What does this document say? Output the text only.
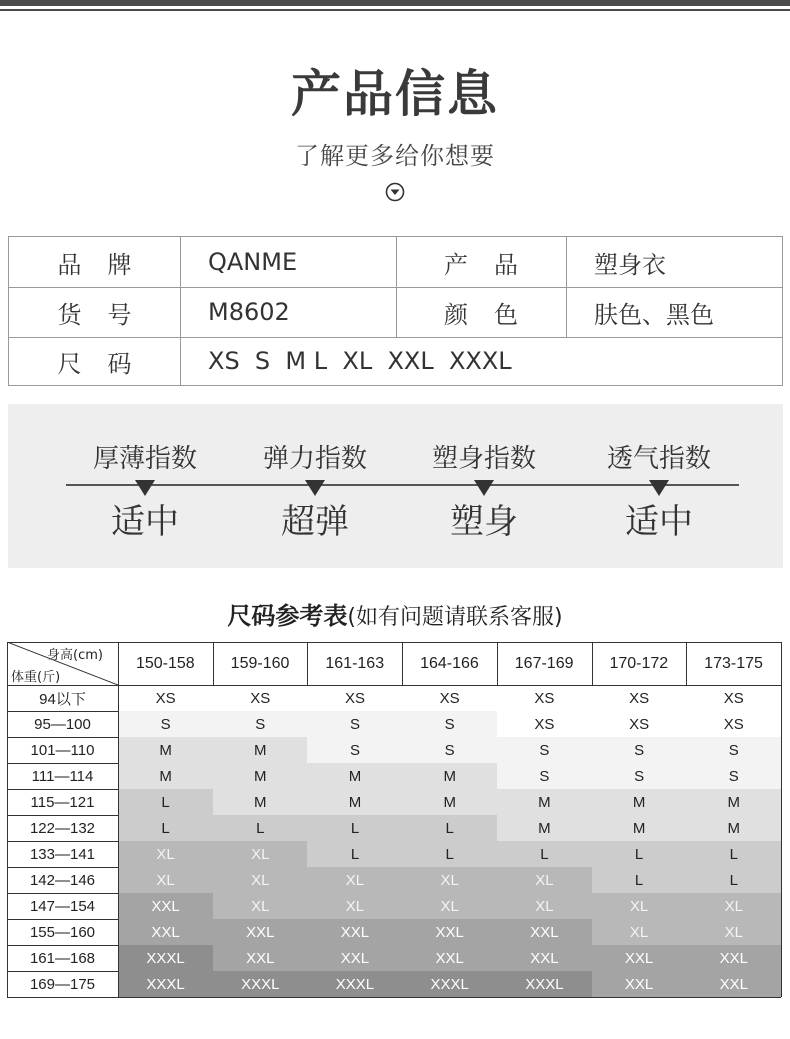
产品信息
了解更多给你想要
品牌	QANME	产品	塑身衣
货号	M8602	颜色	肤色、黑色
尺码	XS  S  M L  XL  XXL  XXXL
厚薄指数
适中
弹力指数
超弹
塑身指数
塑身
透气指数
适中
尺码参考表(如有问题请联系客服)
身高(cm)
体重(斤)
150-158	159-160	161-163	164-166	167-169	170-172	173-175
94以下	XS	XS	XS	XS	XS	XS	XS
95—100	S	S	S	S	XS	XS	XS
101—110	M	M	S	S	S	S	S
111—114	M	M	M	M	S	S	S
115—121	L	M	M	M	M	M	M
122—132	L	L	L	L	M	M	M
133—141	XL	XL	L	L	L	L	L
142—146	XL	XL	XL	XL	XL	L	L
147—154	XXL	XL	XL	XL	XL	XL	XL
155—160	XXL	XXL	XXL	XXL	XXL	XL	XL
161—168	XXXL	XXL	XXL	XXL	XXL	XXL	XXL
169—175	XXXL	XXXL	XXXL	XXXL	XXXL	XXL	XXL
